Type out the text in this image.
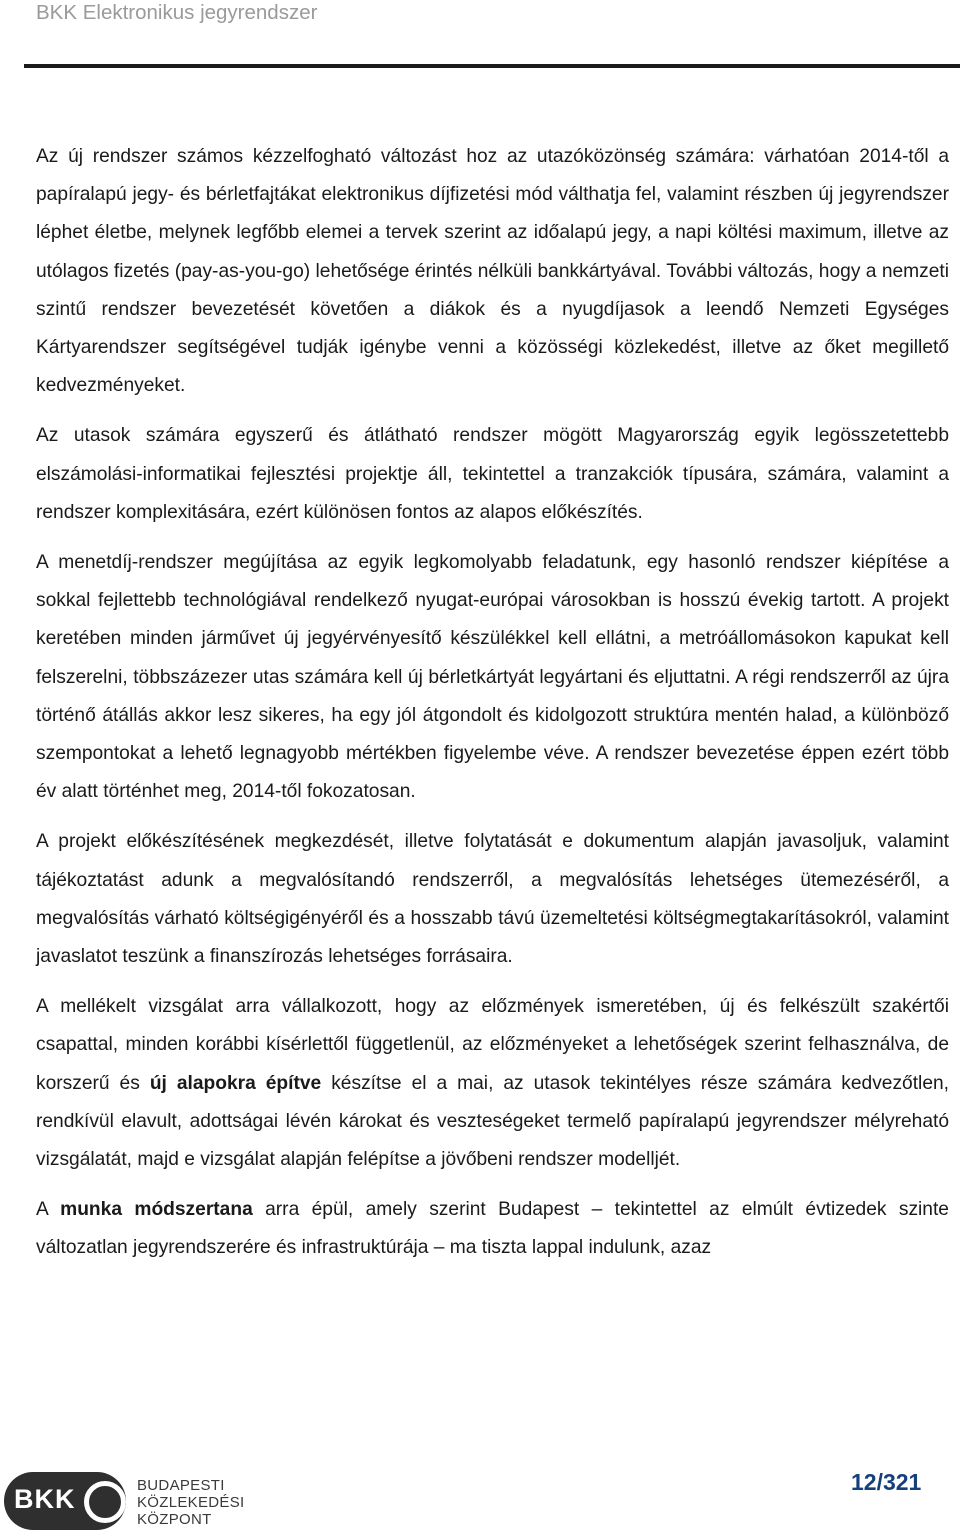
BKK Elektronikus jegyrendszer

Az új rendszer számos kézzelfogható változást hoz az utazóközönség számára: várhatóan 2014-től a papíralapú jegy- és bérletfajtákat elektronikus díjfizetési mód válthatja fel, valamint részben új jegyrendszer léphet életbe, melynek legfőbb elemei a tervek szerint az időalapú jegy, a napi költési maximum, illetve az utólagos fizetés (pay-as-you-go) lehetősége érintés nélküli bankkártyával. További változás, hogy a nemzeti szintű rendszer bevezetését követően a diákok és a nyugdíjasok a leendő Nemzeti Egységes Kártyarendszer segítségével tudják igénybe venni a közösségi közlekedést, illetve az őket megillető kedvezményeket.

Az utasok számára egyszerű és átlátható rendszer mögött Magyarország egyik legösszetettebb elszámolási-informatikai fejlesztési projektje áll, tekintettel a tranzakciók típusára, számára, valamint a rendszer komplexitására, ezért különösen fontos az alapos előkészítés.

A menetdíj-rendszer megújítása az egyik legkomolyabb feladatunk, egy hasonló rendszer kiépítése a sokkal fejlettebb technológiával rendelkező nyugat-európai városokban is hosszú évekig tartott. A projekt keretében minden járművet új jegyérvényesítő készülékkel kell ellátni, a metróállomásokon kapukat kell felszerelni, többszázezer utas számára kell új bérletkártyát legyártani és eljuttatni. A régi rendszerről az újra történő átállás akkor lesz sikeres, ha egy jól átgondolt és kidolgozott struktúra mentén halad, a különböző szempontokat a lehető legnagyobb mértékben figyelembe véve. A rendszer bevezetése éppen ezért több év alatt történhet meg, 2014-től fokozatosan.

A projekt előkészítésének megkezdését, illetve folytatását e dokumentum alapján javasoljuk, valamint tájékoztatást adunk a megvalósítandó rendszerről, a megvalósítás lehetséges ütemezéséről, a megvalósítás várható költségigényéről és a hosszabb távú üzemeltetési költségmegtakarításokról, valamint javaslatot teszünk a finanszírozás lehetséges forrásaira.

A mellékelt vizsgálat arra vállalkozott, hogy az előzmények ismeretében, új és felkészült szakértői csapattal, minden korábbi kísérlettől függetlenül, az előzményeket a lehetőségek szerint felhasználva, de korszerű és új alapokra építve készítse el a mai, az utasok tekintélyes része számára kedvezőtlen, rendkívül elavult, adottságai lévén károkat és veszteségeket termelő papíralapú jegyrendszer mélyreható vizsgálatát, majd e vizsgálat alapján felépítse a jövőbeni rendszer modelljét.

A munka módszertana arra épül, amely szerint Budapest – tekintettel az elmúlt évtizedek szinte változatlan jegyrendszerére és infrastruktúrája – ma tiszta lappal indulunk, azaz

BKK	BUDAPESTI
KÖZLEKEDÉSI
KÖZPONT
12/321
